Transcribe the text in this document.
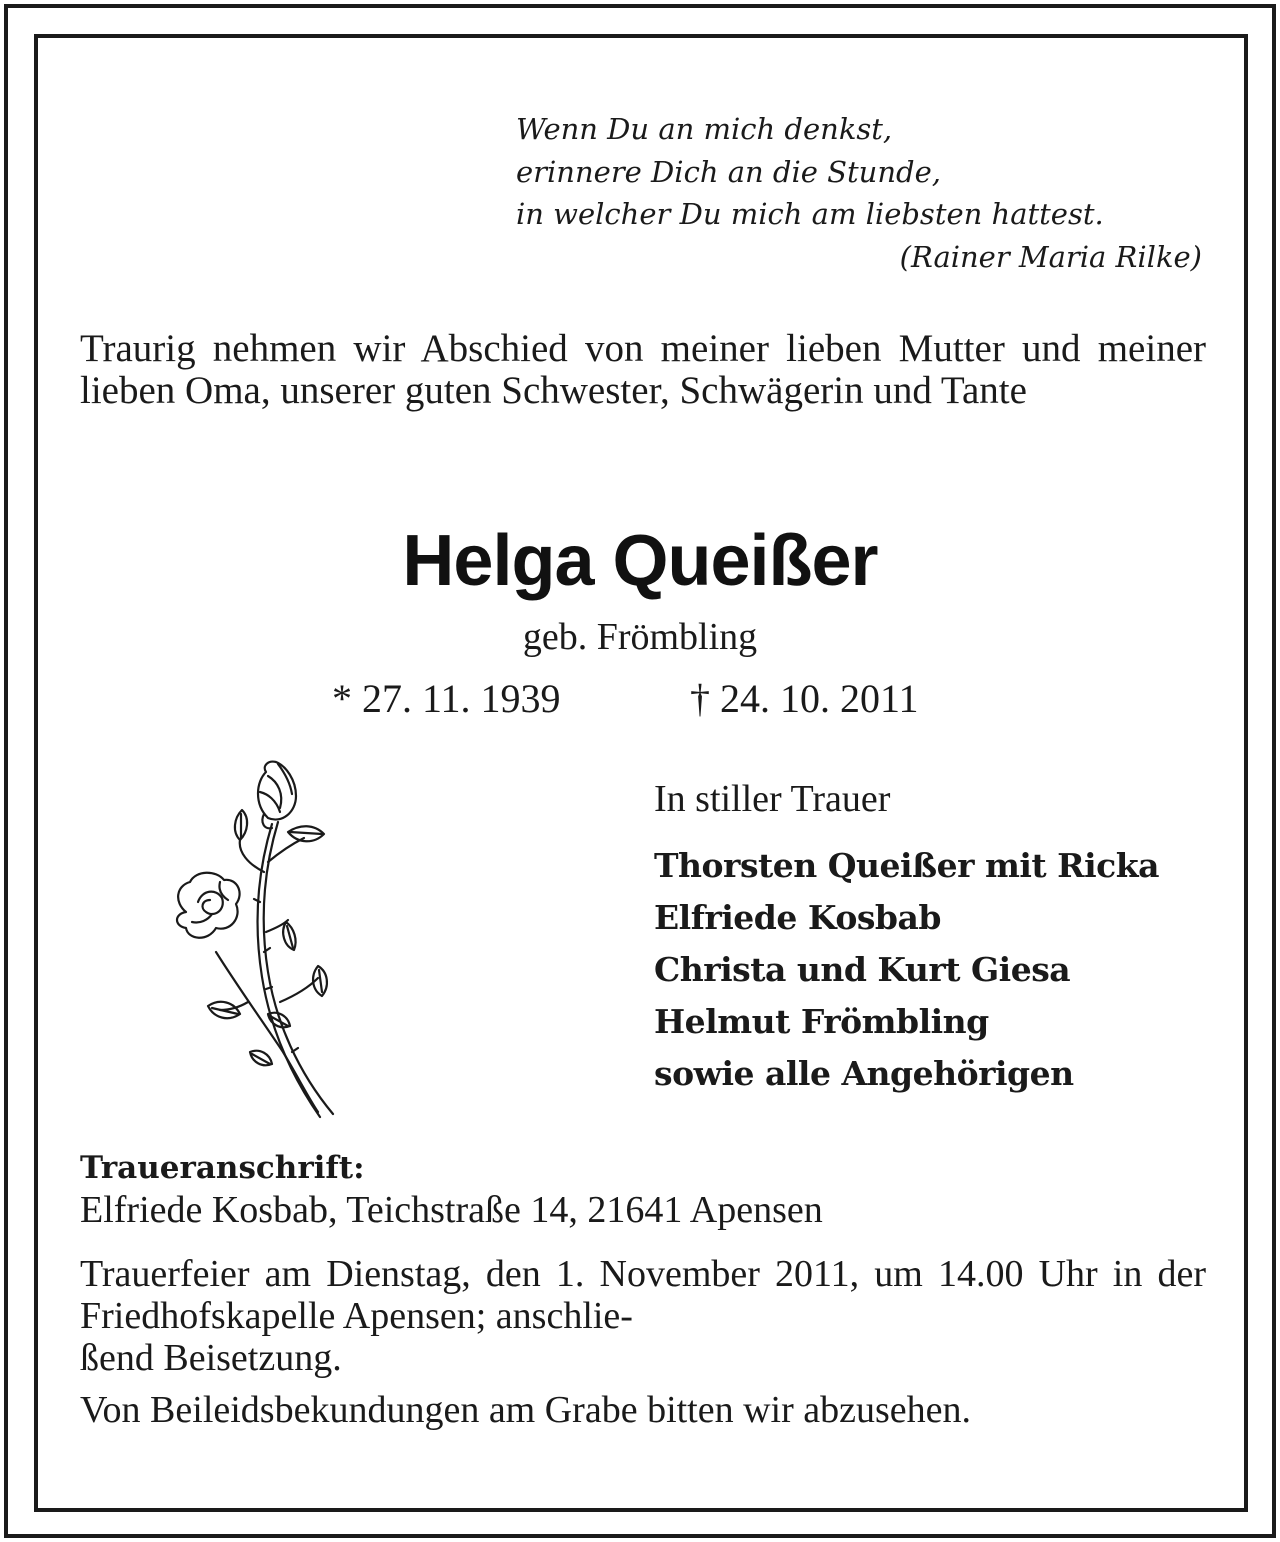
Wenn Du an mich denkst,
erinnere Dich an die Stunde,
in welcher Du mich am liebsten hattest.
(Rainer Maria Rilke)
Traurig nehmen wir Abschied von meiner lieben Mutter und meiner lieben Oma, unserer guten Schwester, Schwägerin und Tante
Helga Queißer
geb. Frömbling
* 27. 11. 1939	† 24. 10. 2011
In stiller Trauer
Thorsten Queißer mit Ricka
Elfriede Kosbab
Christa und Kurt Giesa
Helmut Frömbling
sowie alle Angehörigen
Traueranschrift:
Elfriede Kosbab, Teichstraße 14, 21641 Apensen
Trauerfeier am Dienstag, den 1. November 2011, um 14.00 Uhr in der Friedhofskapelle Apensen; anschlie-
ßend Beisetzung.
Von Beileidsbekundungen am Grabe bitten wir abzusehen.
